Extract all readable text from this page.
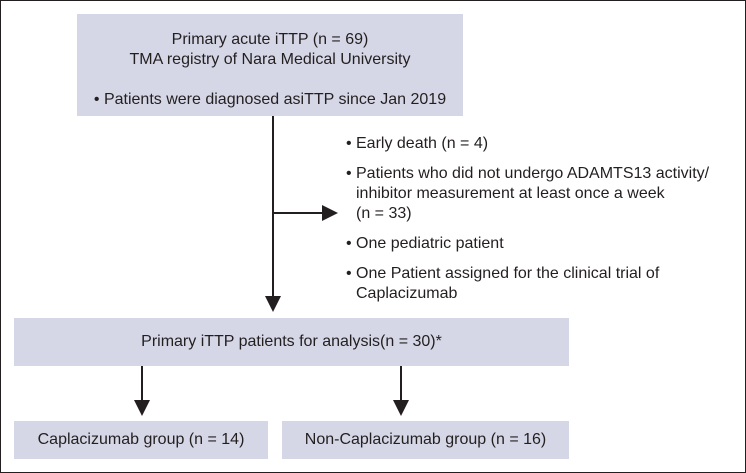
Primary acute iTTP (n = 69)
TMA registry of Nara Medical University
• Patients were diagnosed asiTTP since Jan 2019
• Early death (n = 4)
• Patients who did not undergo ADAMTS13 activity/
inhibitor measurement at least once a week
(n = 33)
• One pediatric patient
• One Patient assigned for the clinical trial of
Caplacizumab
Primary iTTP patients for analysis(n = 30)*
Caplacizumab group (n = 14)	Non-Caplacizumab group (n = 16)
